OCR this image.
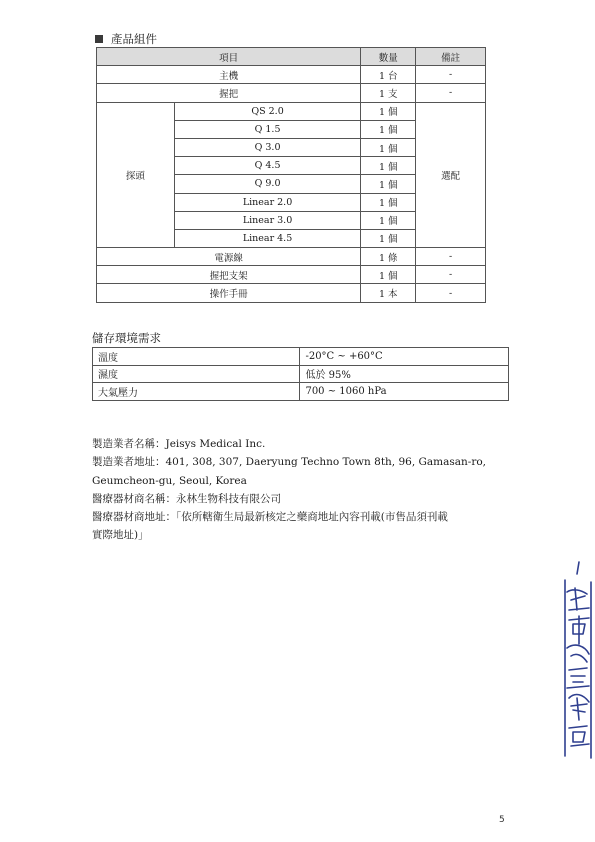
產品組件
項目		數量	備註
主機		1 台	-
握把		1 支	-
探頭	QS 2.0	1 個	選配
	Q 1.5	1 個	
	Q 3.0	1 個	
	Q 4.5	1 個	
	Q 9.0	1 個	
	Linear 2.0	1 個	
	Linear 3.0	1 個	
	Linear 4.5	1 個	
電源線		1 條	-
握把支架		1 個	-
操作手冊		1 本	-
儲存環境需求
溫度	-20°C ~ +60°C
濕度	低於 95%
大氣壓力	700 ~ 1060 hPa

製造業者名稱：Jeisys Medical Inc.

製造業者地址：401, 308, 307, Daeryung Techno Town 8th, 96, Gamasan-ro,

Geumcheon-gu, Seoul, Korea

醫療器材商名稱：永林生物科技有限公司

醫療器材商地址：「依所轄衛生局最新核定之藥商地址內容刊載(市售品須刊載

實際地址)」

5
